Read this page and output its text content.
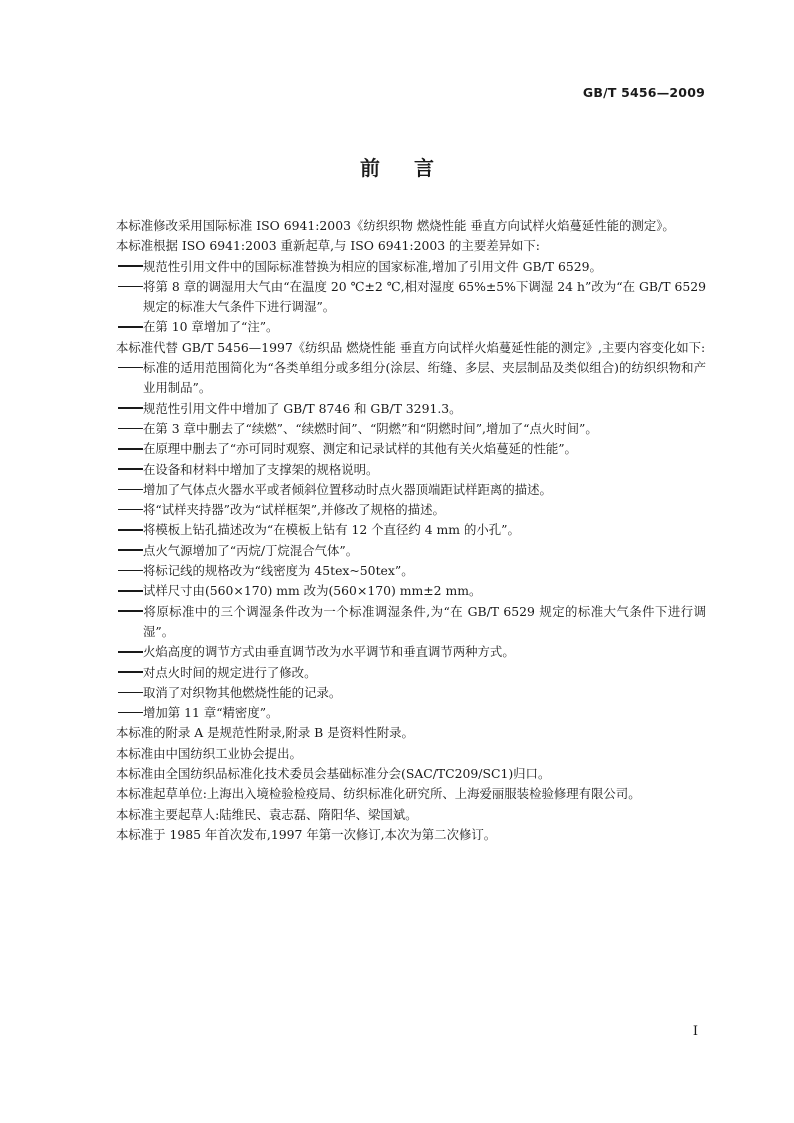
GB/T 5456—2009
前言

本标准修改采用国际标准 ISO 6941:2003《纺织织物 燃烧性能 垂直方向试样火焰蔓延性能的测定》。

本标准根据 ISO 6941:2003 重新起草,与 ISO 6941:2003 的主要差异如下:

规范性引用文件中的国际标准替换为相应的国家标准,增加了引用文件 GB/T 6529。

将第 8 章的调湿用大气由“在温度 20 ℃±2 ℃,相对湿度 65%±5%下调湿 24 h”改为“在 GB/T 6529规定的标准大气条件下进行调湿”。

在第 10 章增加了“注”。

本标准代替 GB/T 5456—1997《纺织品 燃烧性能 垂直方向试样火焰蔓延性能的测定》,主要内容变化如下:

标准的适用范围简化为“各类单组分或多组分(涂层、绗缝、多层、夹层制品及类似组合)的纺织织物和产业用制品”。

规范性引用文件中增加了 GB/T 8746 和 GB/T 3291.3。

在第 3 章中删去了“续燃”、“续燃时间”、“阴燃”和“阴燃时间”,增加了“点火时间”。

在原理中删去了“亦可同时观察、测定和记录试样的其他有关火焰蔓延的性能”。

在设备和材料中增加了支撑架的规格说明。

增加了气体点火器水平或者倾斜位置移动时点火器顶端距试样距离的描述。

将“试样夹持器”改为“试样框架”,并修改了规格的描述。

将模板上钻孔描述改为“在模板上钻有 12 个直径约 4 mm 的小孔”。

点火气源增加了“丙烷/丁烷混合气体”。

将标记线的规格改为“线密度为 45tex~50tex”。

试样尺寸由(560×170) mm 改为(560×170) mm±2 mm。

将原标准中的三个调湿条件改为一个标准调湿条件,为“在 GB/T 6529 规定的标准大气条件下进行调湿”。

火焰高度的调节方式由垂直调节改为水平调节和垂直调节两种方式。

对点火时间的规定进行了修改。

取消了对织物其他燃烧性能的记录。

增加第 11 章“精密度”。

本标准的附录 A 是规范性附录,附录 B 是资料性附录。

本标准由中国纺织工业协会提出。

本标准由全国纺织品标准化技术委员会基础标准分会(SAC/TC209/SC1)归口。

本标准起草单位:上海出入境检验检疫局、纺织标准化研究所、上海爱丽服装检验修理有限公司。

本标准主要起草人:陆维民、袁志磊、隋阳华、梁国斌。

本标准于 1985 年首次发布,1997 年第一次修订,本次为第二次修订。

I
